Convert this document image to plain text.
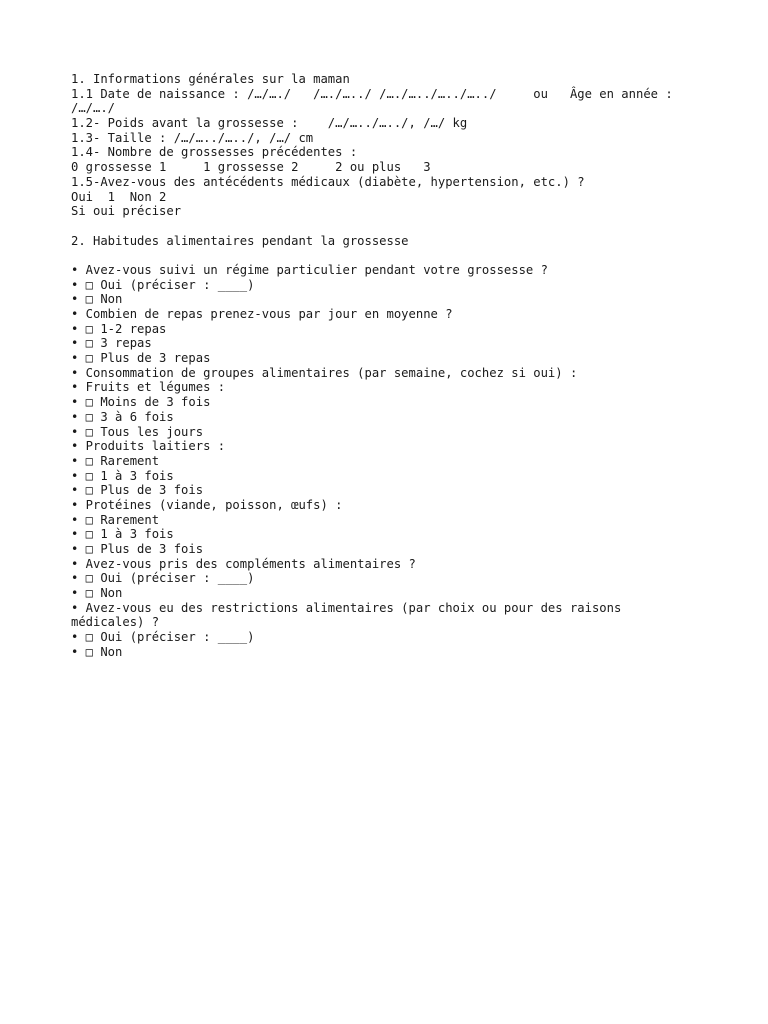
1. Informations générales sur la maman
1.1 Date de naissance : /…/…./   /…./…../ /…./…../…../…../     ou   Âge en année :
/…/…./
1.2- Poids avant la grossesse :    /…/…../…../, /…/ kg
1.3- Taille : /…/…../…../, /…/ cm
1.4- Nombre de grossesses précédentes :
0 grossesse 1     1 grossesse 2     2 ou plus   3
1.5-Avez-vous des antécédents médicaux (diabète, hypertension, etc.) ?
Oui  1  Non 2
Si oui préciser
2. Habitudes alimentaires pendant la grossesse
• Avez-vous suivi un régime particulier pendant votre grossesse ?
• □ Oui (préciser : ____)
• □ Non
• Combien de repas prenez-vous par jour en moyenne ?
• □ 1-2 repas
• □ 3 repas
• □ Plus de 3 repas
• Consommation de groupes alimentaires (par semaine, cochez si oui) :
• Fruits et légumes :
• □ Moins de 3 fois
• □ 3 à 6 fois
• □ Tous les jours
• Produits laitiers :
• □ Rarement
• □ 1 à 3 fois
• □ Plus de 3 fois
• Protéines (viande, poisson, œufs) :
• □ Rarement
• □ 1 à 3 fois
• □ Plus de 3 fois
• Avez-vous pris des compléments alimentaires ?
• □ Oui (préciser : ____)
• □ Non
• Avez-vous eu des restrictions alimentaires (par choix ou pour des raisons
médicales) ?
• □ Oui (préciser : ____)
• □ Non
